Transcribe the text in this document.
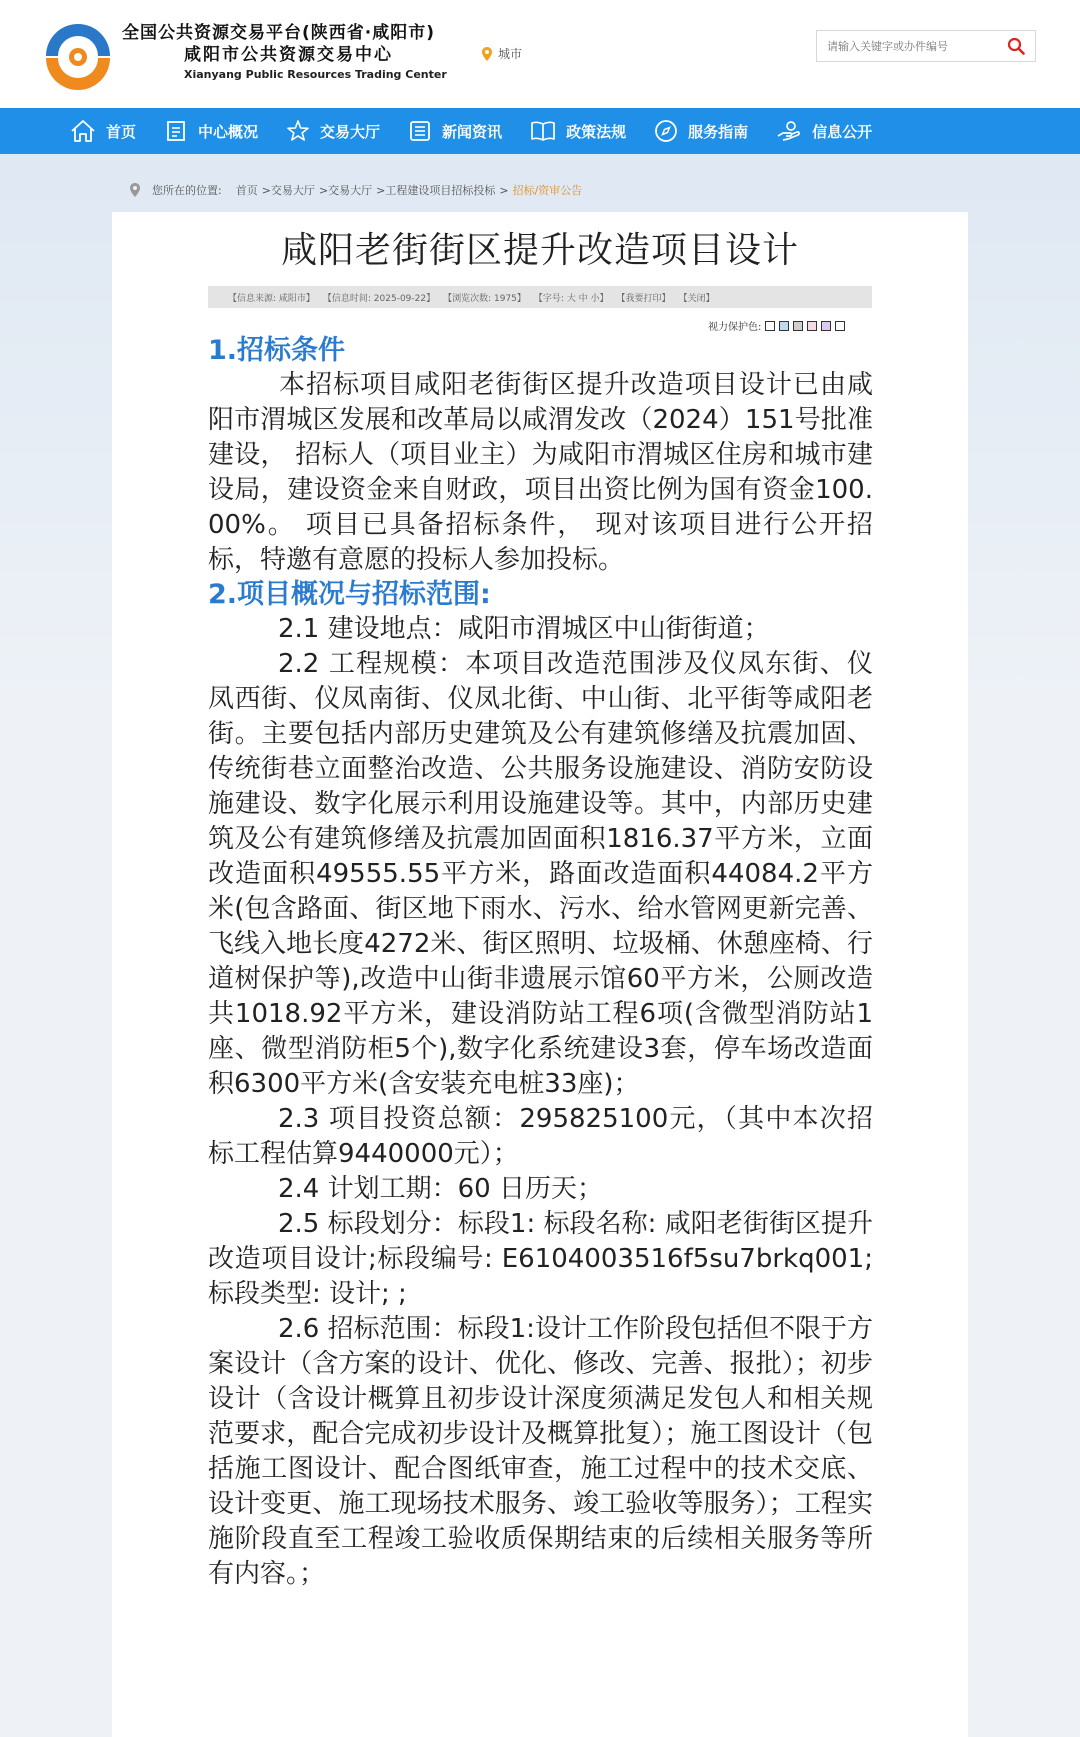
全国公共资源交易平台(陕西省·咸阳市)
咸阳市公共资源交易中心
Xianyang Public Resources Trading Center
城市
请输入关键字或办件编号
首页	中心概况	交易大厅	新闻资讯	政策法规	服务指南	信息公开
您所在的位置: 首页 >交易大厅 >交易大厅 >工程建设项目招标投标 > 招标/资审公告
咸阳老街街区提升改造项目设计
【信息来源: 咸阳市】 【信息时间: 2025-09-22】 【浏览次数: 1975】 【字号: 大 中 小】 【我要打印】 【关闭】
视力保护色:
1.招标条件
本招标项目咸阳老街街区提升改造项目设计已由咸阳市渭城区发展和改革局以咸渭发改（2024）151号批准建设， 招标人（项目业主）为咸阳市渭城区住房和城市建设局，建设资金来自财政，项目出资比例为国有资金100.00%。 项目已具备招标条件， 现对该项目进行公开招标，特邀有意愿的投标人参加投标。
2.项目概况与招标范围:
2.1 建设地点：咸阳市渭城区中山街街道；
2.2 工程规模：本项目改造范围涉及仪凤东街、仪凤西街、仪凤南街、仪凤北街、中山街、北平街等咸阳老街。主要包括内部历史建筑及公有建筑修缮及抗震加固、传统街巷立面整治改造、公共服务设施建设、消防安防设施建设、数字化展示利用设施建设等。其中，内部历史建筑及公有建筑修缮及抗震加固面积1816.37平方米，立面改造面积49555.55平方米，路面改造面积44084.2平方米(包含路面、街区地下雨水、污水、给水管网更新完善、飞线入地长度4272米、街区照明、垃圾桶、休憩座椅、行道树保护等),改造中山街非遗展示馆60平方米，公厕改造共1018.92平方米，建设消防站工程6项(含微型消防站1座、微型消防柜5个),数字化系统建设3套，停车场改造面积6300平方米(含安装充电桩33座)；
2.3 项目投资总额：295825100元，（其中本次招标工程估算9440000元）；
2.4 计划工期：60 日历天；
2.5 标段划分：标段1: 标段名称: 咸阳老街街区提升改造项目设计;标段编号: E6104003516f5su7brkq001;标段类型: 设计; ;
2.6 招标范围：标段1:设计工作阶段包括但不限于方案设计（含方案的设计、优化、修改、完善、报批）；初步设计（含设计概算且初步设计深度须满足发包人和相关规范要求，配合完成初步设计及概算批复）；施工图设计（包括施工图设计、配合图纸审查，施工过程中的技术交底、设计变更、施工现场技术服务、竣工验收等服务）；工程实施阶段直至工程竣工验收质保期结束的后续相关服务等所有内容。；
